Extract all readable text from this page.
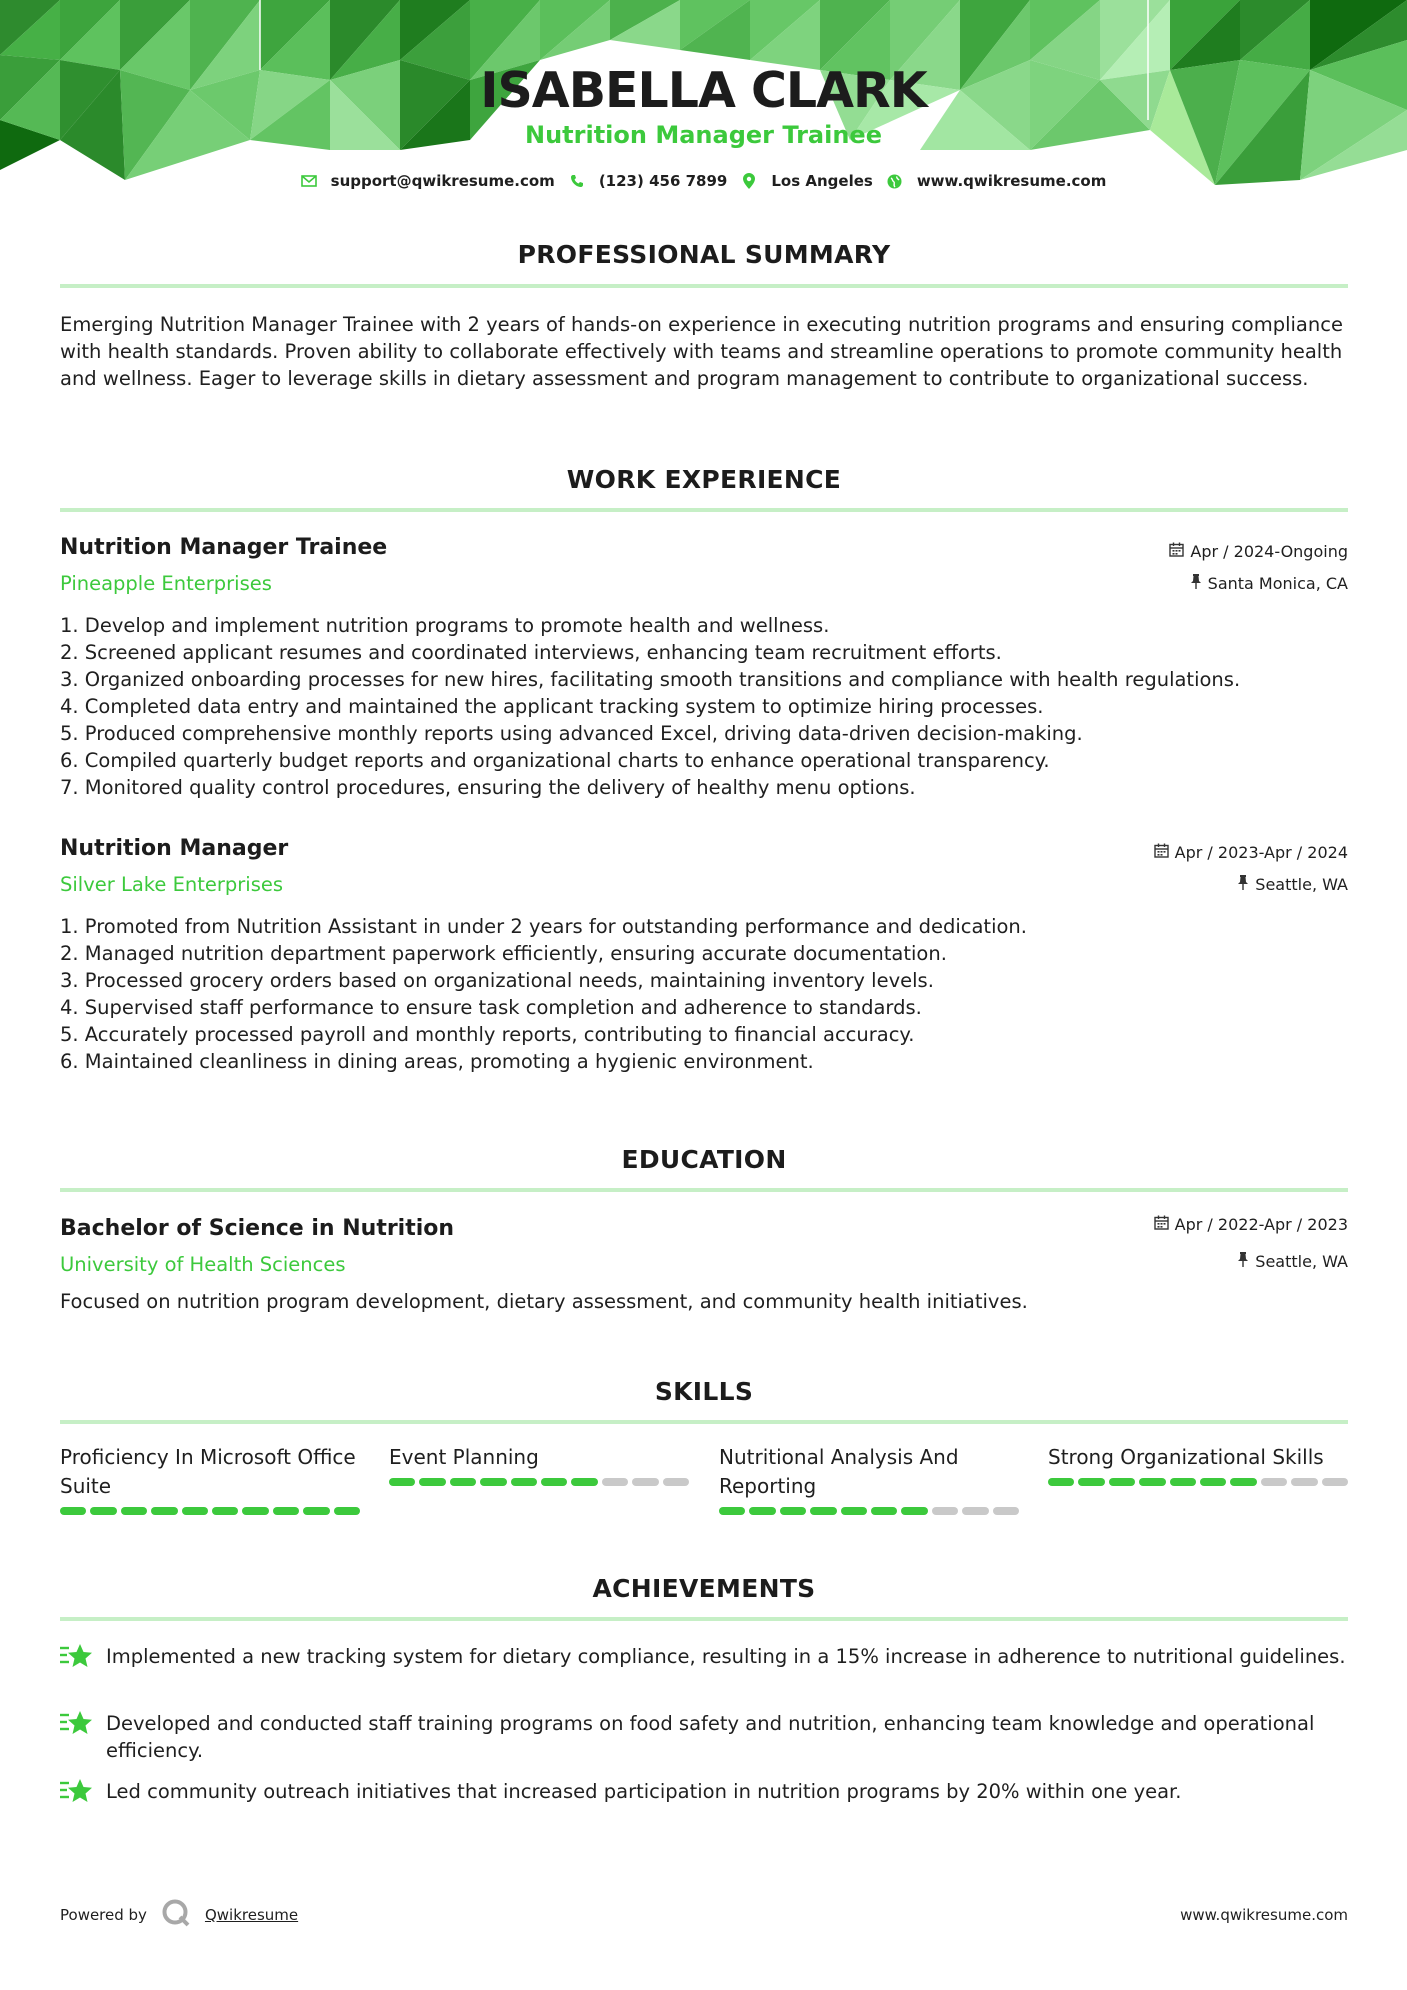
ISABELLA CLARK
Nutrition Manager Trainee
support@qwikresume.com	(123) 456 7899	Los Angeles	www.qwikresume.com
PROFESSIONAL SUMMARY
Emerging Nutrition Manager Trainee with 2 years of hands-on experience in executing nutrition programs and ensuring compliance with health standards. Proven ability to collaborate effectively with teams and streamline operations to promote community health and wellness. Eager to leverage skills in dietary assessment and program management to contribute to organizational success.
WORK EXPERIENCE
Nutrition Manager Trainee
Pineapple Enterprises
Apr / 2024-Ongoing
Santa Monica, CA
1. Develop and implement nutrition programs to promote health and wellness.
2. Screened applicant resumes and coordinated interviews, enhancing team recruitment efforts.
3. Organized onboarding processes for new hires, facilitating smooth transitions and compliance with health regulations.
4. Completed data entry and maintained the applicant tracking system to optimize hiring processes.
5. Produced comprehensive monthly reports using advanced Excel, driving data-driven decision-making.
6. Compiled quarterly budget reports and organizational charts to enhance operational transparency.
7. Monitored quality control procedures, ensuring the delivery of healthy menu options.
Nutrition Manager
Silver Lake Enterprises
Apr / 2023-Apr / 2024
Seattle, WA
1. Promoted from Nutrition Assistant in under 2 years for outstanding performance and dedication.
2. Managed nutrition department paperwork efficiently, ensuring accurate documentation.
3. Processed grocery orders based on organizational needs, maintaining inventory levels.
4. Supervised staff performance to ensure task completion and adherence to standards.
5. Accurately processed payroll and monthly reports, contributing to financial accuracy.
6. Maintained cleanliness in dining areas, promoting a hygienic environment.
EDUCATION
Bachelor of Science in Nutrition
University of Health Sciences
Apr / 2022-Apr / 2023
Seattle, WA
Focused on nutrition program development, dietary assessment, and community health initiatives.
SKILLS
Proficiency In Microsoft Office Suite
Event Planning	Nutritional Analysis And Reporting
Strong Organizational Skills
ACHIEVEMENTS
Implemented a new tracking system for dietary compliance, resulting in a 15% increase in adherence to nutritional guidelines.
Developed and conducted staff training programs on food safety and nutrition, enhancing team knowledge and operational efficiency.
Led community outreach initiatives that increased participation in nutrition programs by 20% within one year.
Powered by	Qwikresume	www.qwikresume.com
